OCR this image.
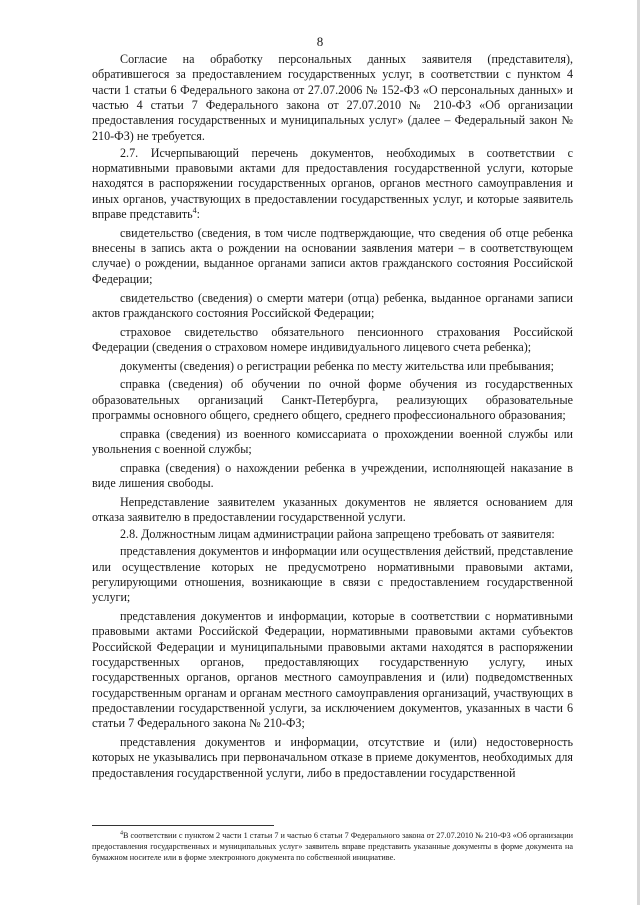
8

Согласие на обработку персональных данных заявителя (представителя), обратившегося за предоставлением государственных услуг, в соответствии с пунктом 4 части 1 статьи 6 Федерального закона от 27.07.2006 № 152-ФЗ «О персональных данных» и частью 4 статьи 7 Федерального закона от 27.07.2010 № 210-ФЗ «Об организации предоставления государственных и муниципальных услуг» (далее – Федеральный закон № 210-ФЗ) не требуется.

2.7. Исчерпывающий перечень документов, необходимых в соответствии с нормативными правовыми актами для предоставления государственной услуги, которые находятся в распоряжении государственных органов, органов местного самоуправления и иных органов, участвующих в предоставлении государственных услуг, и которые заявитель вправе представить$^4$:

свидетельство (сведения, в том числе подтверждающие, что сведения об отце ребенка внесены в запись акта о рождении на основании заявления матери – в соответствующем случае) о рождении, выданное органами записи актов гражданского состояния Российской Федерации;

свидетельство (сведения) о смерти матери (отца) ребенка, выданное органами записи актов гражданского состояния Российской Федерации;

страховое свидетельство обязательного пенсионного страхования Российской Федерации (сведения о страховом номере индивидуального лицевого счета ребенка);

документы (сведения) о регистрации ребенка по месту жительства или пребывания;

справка (сведения) об обучении по очной форме обучения из государственных образовательных организаций Санкт-Петербурга, реализующих образовательные программы основного общего, среднего общего, среднего профессионального образования;

справка (сведения) из военного комиссариата о прохождении военной службы или увольнения с военной службы;

справка (сведения) о нахождении ребенка в учреждении, исполняющей наказание в виде лишения свободы.

Непредставление заявителем указанных документов не является основанием для отказа заявителю в предоставлении государственной услуги.

2.8. Должностным лицам администрации района запрещено требовать от заявителя:

представления документов и информации или осуществления действий, представление или осуществление которых не предусмотрено нормативными правовыми актами, регулирующими отношения, возникающие в связи с предоставлением государственной услуги;

представления документов и информации, которые в соответствии с нормативными правовыми актами Российской Федерации, нормативными правовыми актами субъектов Российской Федерации и муниципальными правовыми актами находятся в распоряжении государственных органов, предоставляющих государственную услугу, иных государственных органов, органов местного самоуправления и (или) подведомственных государственным органам и органам местного самоуправления организаций, участвующих в предоставлении государственной услуги, за исключением документов, указанных в части 6 статьи 7 Федерального закона № 210-ФЗ;

представления документов и информации, отсутствие и (или) недостоверность которых не указывались при первоначальном отказе в приеме документов, необходимых для предоставления государственной услуги, либо в предоставлении государственной

$^4$В соответствии с пунктом 2 части 1 статьи 7 и частью 6 статьи 7 Федерального закона от 27.07.2010 № 210-ФЗ «Об организации предоставления государственных и муниципальных услуг» заявитель вправе представить указанные документы в форме документа на бумажном носителе или в форме электронного документа по собственной инициативе.
